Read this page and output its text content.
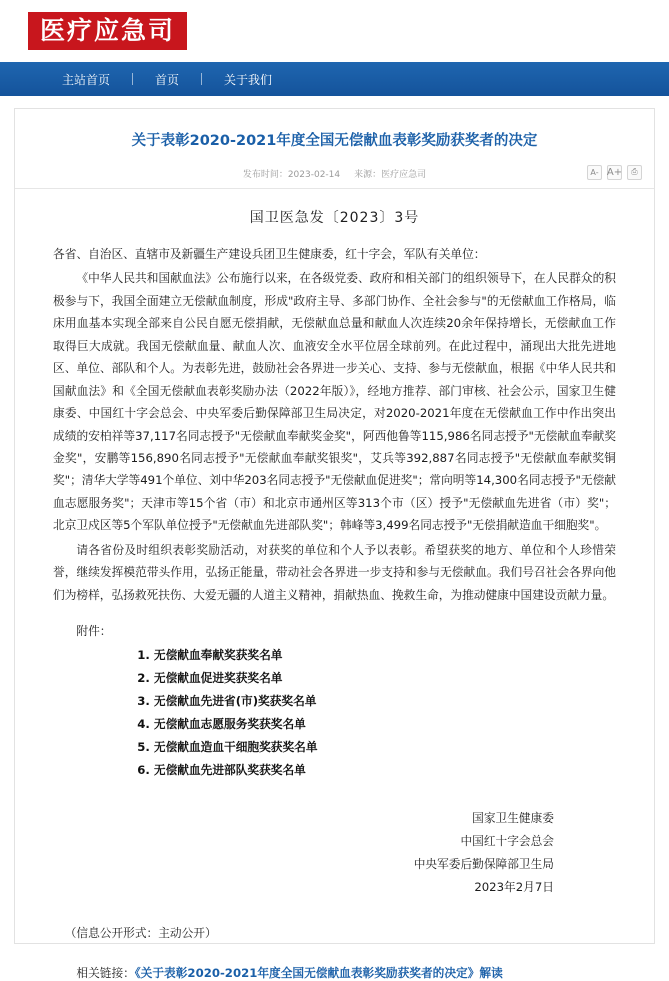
医疗应急司
主站首页	首页	关于我们
关于表彰2020-2021年度全国无偿献血表彰奖励获奖者的决定
发布时间：2023-02-14 来源：医疗应急司	A- A+	⎙
国卫医急发〔2023〕3号

各省、自治区、直辖市及新疆生产建设兵团卫生健康委，红十字会，军队有关单位：

《中华人民共和国献血法》公布施行以来，在各级党委、政府和相关部门的组织领导下，在人民群众的积极参与下，我国全面建立无偿献血制度，形成"政府主导、多部门协作、全社会参与"的无偿献血工作格局，临床用血基本实现全部来自公民自愿无偿捐献，无偿献血总量和献血人次连续20余年保持增长，无偿献血工作取得巨大成就。我国无偿献血量、献血人次、血液安全水平位居全球前列。在此过程中，涌现出大批先进地区、单位、部队和个人。为表彰先进，鼓励社会各界进一步关心、支持、参与无偿献血，根据《中华人民共和国献血法》和《全国无偿献血表彰奖励办法（2022年版）》，经地方推荐、部门审核、社会公示，国家卫生健康委、中国红十字会总会、中央军委后勤保障部卫生局决定，对2020-2021年度在无偿献血工作中作出突出成绩的安柏祥等37,117名同志授予"无偿献血奉献奖金奖"，阿西他鲁等115,986名同志授予"无偿献血奉献奖金奖"，安鹏等156,890名同志授予"无偿献血奉献奖银奖"，艾兵等392,887名同志授予"无偿献血奉献奖铜奖"；清华大学等491个单位、刘中华203名同志授予"无偿献血促进奖"；常向明等14,300名同志授予"无偿献血志愿服务奖"；天津市等15个省（市）和北京市通州区等313个市（区）授予"无偿献血先进省（市）奖"；北京卫戍区等5个军队单位授予"无偿献血先进部队奖"；韩峰等3,499名同志授予"无偿捐献造血干细胞奖"。

请各省份及时组织表彰奖励活动，对获奖的单位和个人予以表彰。希望获奖的地方、单位和个人珍惜荣誉，继续发挥模范带头作用，弘扬正能量，带动社会各界进一步支持和参与无偿献血。我们号召社会各界向他们为榜样，弘扬救死扶伤、大爱无疆的人道主义精神，捐献热血、挽救生命，为推动健康中国建设贡献力量。

附件：
1. 无偿献血奉献奖获奖名单
2. 无偿献血促进奖获奖名单
3. 无偿献血先进省(市)奖获奖名单
4. 无偿献血志愿服务奖获奖名单
5. 无偿献血造血干细胞奖获奖名单
6. 无偿献血先进部队奖获奖名单
国家卫生健康委
中国红十字会总会
中央军委后勤保障部卫生局
2023年2月7日
（信息公开形式：主动公开）
相关链接：《关于表彰2020-2021年度全国无偿献血表彰奖励获奖者的决定》解读
